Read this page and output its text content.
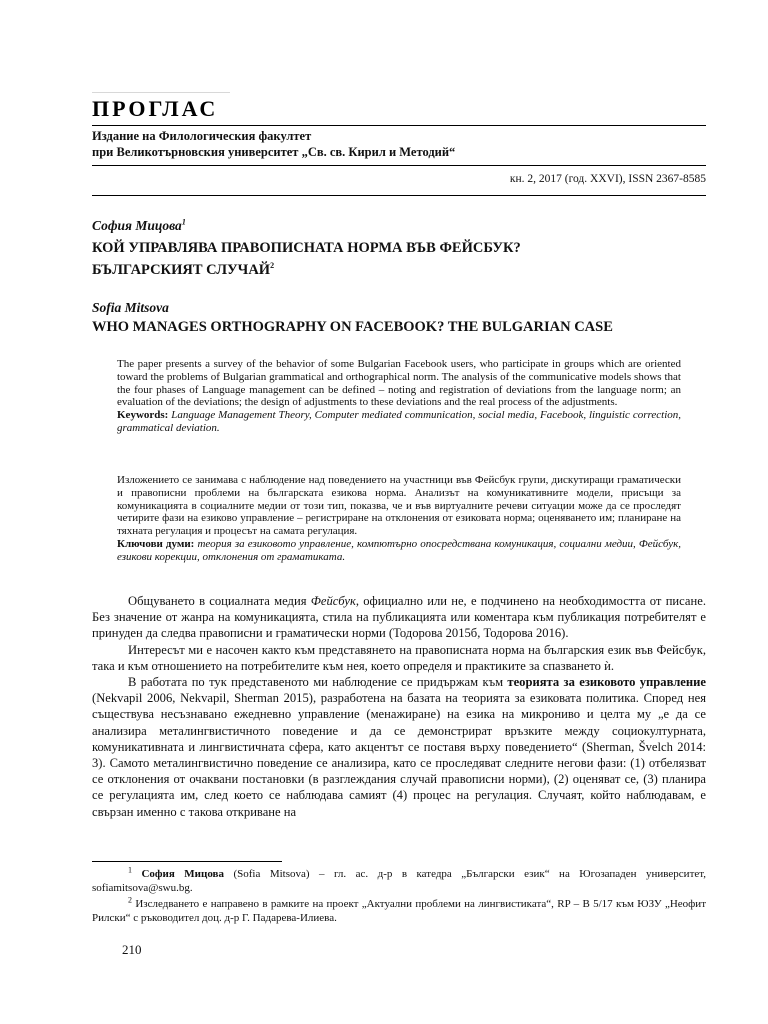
ПРОГЛАС
Издание на Филологическия факултет
при Великотърновския университет „Св. св. Кирил и Методий“
кн. 2, 2017 (год. XXVI), ISSN 2367-8585
София Мицова$^1$
КОЙ УПРАВЛЯВА ПРАВОПИСНАТА НОРМА ВЪВ ФЕЙСБУК?
БЪЛГАРСКИЯТ СЛУЧАЙ$^2$
Sofia Mitsova
WHO MANAGES ORTHOGRAPHY ON FACEBOOK? THE BULGARIAN CASE
The paper presents a survey of the behavior of some Bulgarian Facebook users, who participate in groups which are oriented toward the problems of Bulgarian grammatical and orthographical norm. The analysis of the communicative models shows that the four phases of Language management can be defined – noting and registration of deviations from the language norm; an evaluation of the deviations; the design of adjustments to these deviations and the real process of the adjustments.
Keywords: Language Management Theory, Computer mediated communication, social media, Facebook, linguistic correction, grammatical deviation.
Изложението се занимава с наблюдение над поведението на участници във Фейсбук групи, дискутиращи граматически и правописни проблеми на българската езикова норма. Анализът на комуникативните модели, присъщи за комуникацията в социалните медии от този тип, показва, че и във виртуалните речеви ситуации може да се проследят четирите фази на езиково управление – регистриране на отклонения от езиковата норма; оценяването им; планиране на тяхната регулация и процесът на самата регулация.
Ключови думи: теория за езиковото управление, компютърно опосредствана комуникация, социални медии, Фейсбук, езикови корекции, отклонения от граматиката.

Общуването в социалната медия Фейсбук, официално или не, е подчинено на необходимостта от писане. Без значение от жанра на комуникацията, стила на публикацията или коментара към публикация потребителят е принуден да следва правописни и граматически норми (Тодорова 2015б, Тодорова 2016).

Интересът ми е насочен както към представянето на правописната норма на българския език във Фейсбук, така и към отношението на потребителите към нея, което определя и практиките за спазването ѝ.

В работата по тук представеното ми наблюдение се придържам към теорията за езиковото управление (Nekvapil 2006, Nekvapil, Sherman 2015), разработена на базата на теорията за езиковата политика. Според нея съществува несъзнавано ежедневно управление (менажиране) на езика на микрониво и целта му „е да се анализира металингвистичното поведение и да се демонстрират връзките между социокултурната, комуникативната и лингвистичната сфера, като акцентът се поставя върху поведението“ (Sherman, Švelch 2014: 3). Самото металингвистично поведение се анализира, като се проследяват следните негови фази: (1) отбелязват се отклонения от очаквани постановки (в разглеждания случай правописни норми), (2) оценяват се, (3) планира се регулацията им, след което се наблюдава самият (4) процес на регулация. Случаят, който наблюдавам, е свързан именно с такова откриване на

$^1$ София Мицова (Sofia Mitsova) – гл. ас. д-р в катедра „Български език“ на Югозападен университет, sofiamitsova@swu.bg.

$^2$ Изследването е направено в рамките на проект „Актуални проблеми на лингвистиката“, RP – В 5/17 към ЮЗУ „Неофит Рилски“ с ръководител доц. д-р Г. Падарева-Илиева.

210
